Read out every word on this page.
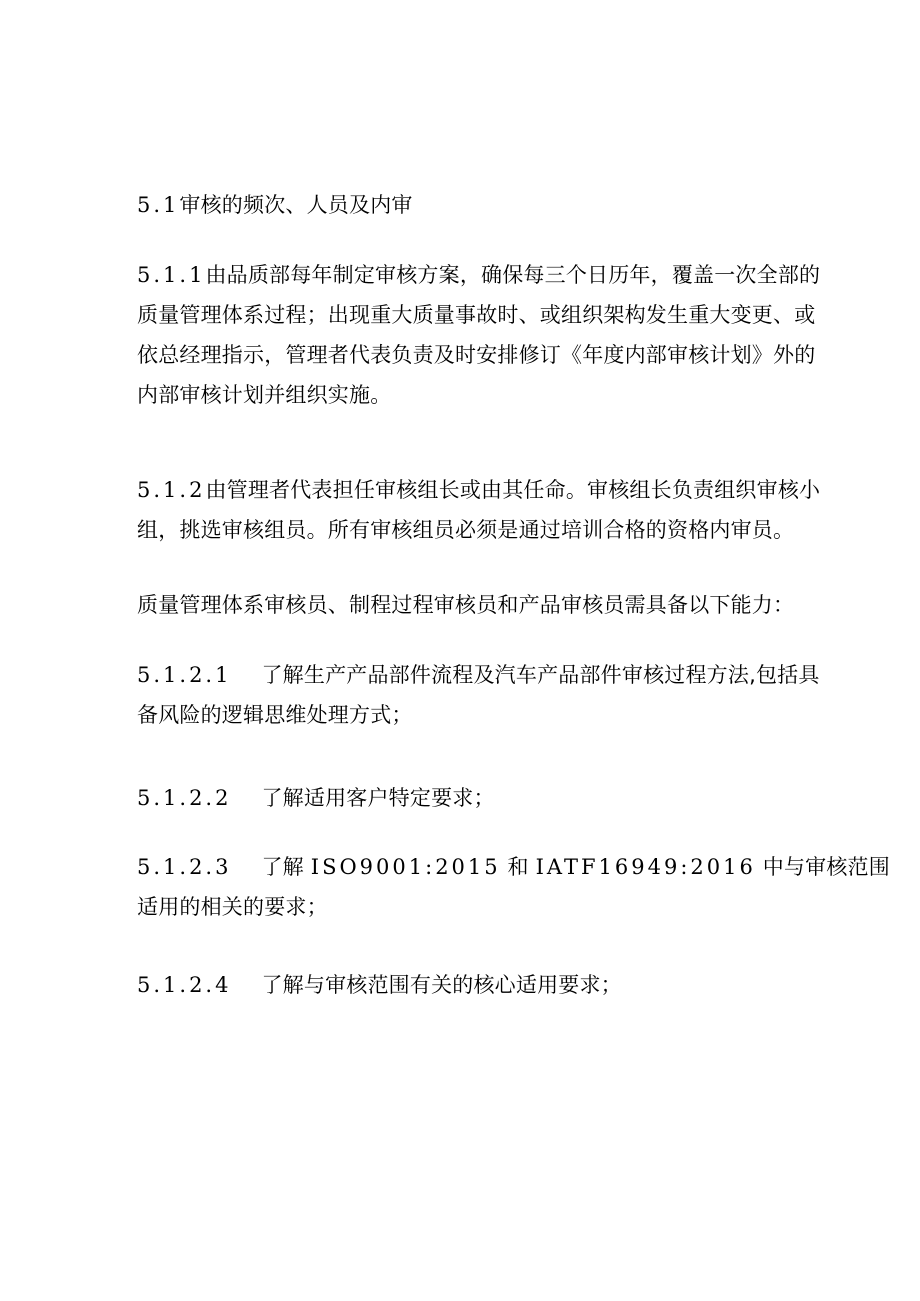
5.1审核的频次、人员及内审
5.1.1由品质部每年制定审核方案，确保每三个日历年，覆盖一次全部的
质量管理体系过程；出现重大质量事故时、或组织架构发生重大变更、或
依总经理指示，管理者代表负责及时安排修订《年度内部审核计划》外的
内部审核计划并组织实施。
5.1.2由管理者代表担任审核组长或由其任命。审核组长负责组织审核小
组，挑选审核组员。所有审核组员必须是通过培训合格的资格内审员。
质量管理体系审核员、制程过程审核员和产品审核员需具备以下能力：
5.1.2.1 了解生产产品部件流程及汽车产品部件审核过程方法,包括具
备风险的逻辑思维处理方式；
5.1.2.2 了解适用客户特定要求；
5.1.2.3 了解 ISO9001:2015 和 IATF16949:2016 中与审核范围
适用的相关的要求；
5.1.2.4 了解与审核范围有关的核心适用要求；
